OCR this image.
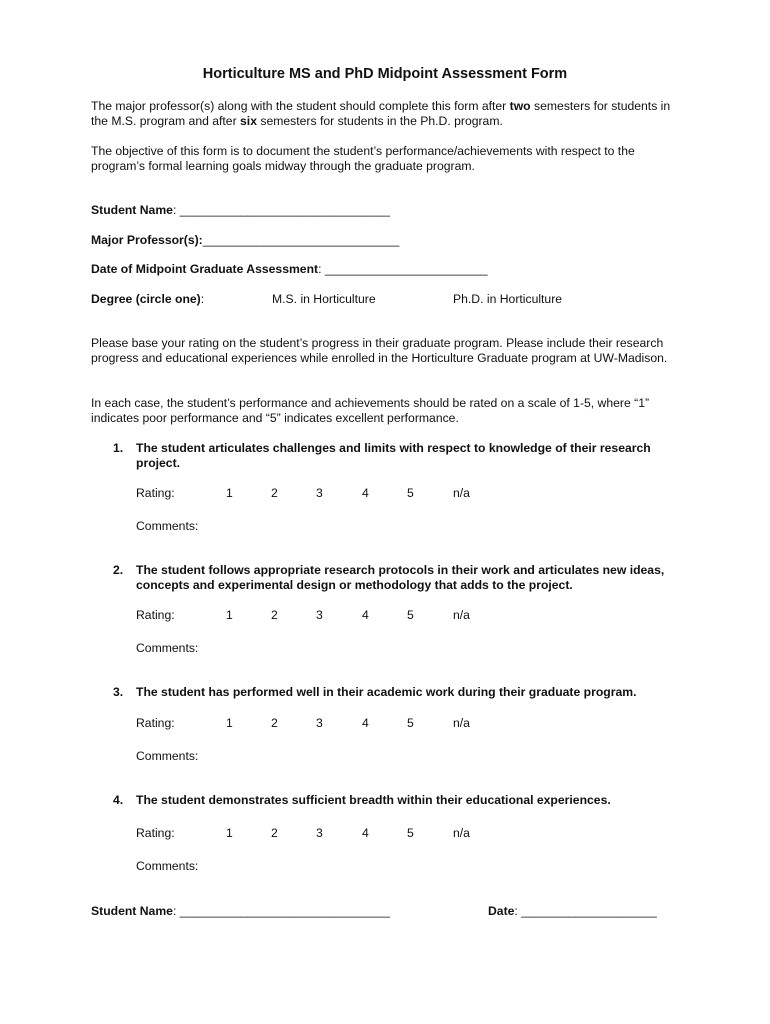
Horticulture MS and PhD Midpoint Assessment Form
The major professor(s) along with the student should complete this form after two semesters for students in the M.S. program and after six semesters for students in the Ph.D. program.
The objective of this form is to document the student’s performance/achievements with respect to the program’s formal learning goals midway through the graduate program.
Student Name: _______________________________
Major Professor(s):_____________________________
Date of Midpoint Graduate Assessment: ________________________
Degree (circle one):	M.S. in Horticulture	Ph.D. in Horticulture
Please base your rating on the student’s progress in their graduate program. Please include their research progress and educational experiences while enrolled in the Horticulture Graduate program at UW-Madison.
In each case, the student’s performance and achievements should be rated on a scale of 1-5, where “1” indicates poor performance and “5” indicates excellent performance.
1. The student articulates challenges and limits with respect to knowledge of their research project.
Rating:	1	2	3	4	5	n/a
Comments:
2. The student follows appropriate research protocols in their work and articulates new ideas, concepts and experimental design or methodology that adds to the project.
Rating:	1	2	3	4	5	n/a
Comments:
3. The student has performed well in their academic work during their graduate program.
Rating:	1	2	3	4	5	n/a
Comments:
4. The student demonstrates sufficient breadth within their educational experiences.
Rating:	1	2	3	4	5	n/a
Comments:
Student Name: _______________________________	Date: ____________________
